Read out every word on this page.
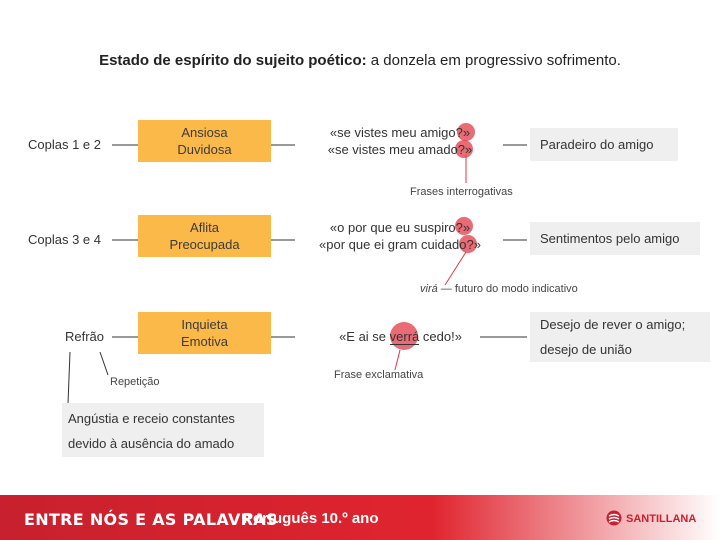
Estado de espírito do sujeito poético: a donzela em progressivo sofrimento.
Coplas 1 e 2
Ansiosa
Duvidosa
«se vistes meu amigo?»
«se vistes meu amado?»	Paradeiro do amigo
Frases interrogativas
Coplas 3 e 4
Aflita
Preocupada
«o por que eu suspiro?»
«por que ei gram cuidado?»	Sentimentos pelo amigo
virá — futuro do modo indicativo
Refrão
Inquieta
Emotiva	«E ai se verrá cedo!»
Desejo de rever o amigo;
desejo de união
Frase exclamativa
Repetição
Angústia e receio constantes
devido à ausência do amado
ENTRE NÓS E AS PALAVRAS
Português 10.º ano	SANTILLANA
